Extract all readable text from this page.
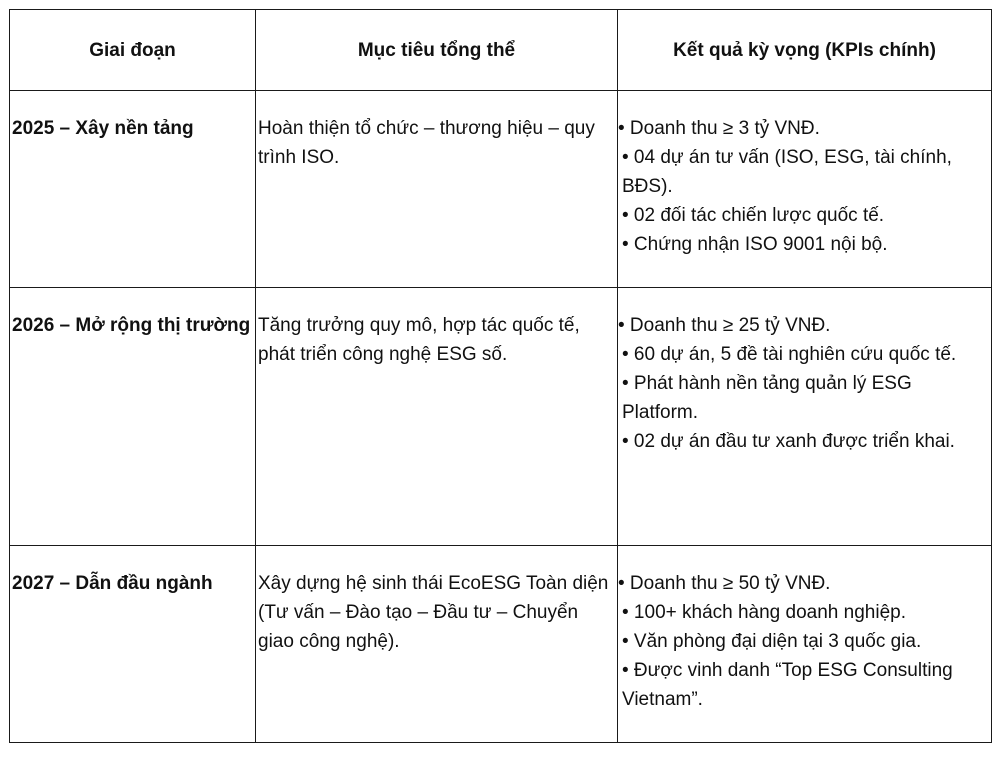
Giai đoạn	Mục tiêu tổng thể	Kết quả kỳ vọng (KPIs chính)

2025 – Xây nền tảng	Hoàn thiện tổ chức – thương hiệu – quy trình ISO.	• Doanh thu ≥ 3 tỷ VNĐ.
• 04 dự án tư vấn (ISO, ESG, tài chính, BĐS).
• 02 đối tác chiến lược quốc tế.
• Chứng nhận ISO 9001 nội bộ.

2026 – Mở rộng thị trường	Tăng trưởng quy mô, hợp tác quốc tế, phát triển công nghệ ESG số.	• Doanh thu ≥ 25 tỷ VNĐ.
• 60 dự án, 5 đề tài nghiên cứu quốc tế.
• Phát hành nền tảng quản lý ESG Platform.
• 02 dự án đầu tư xanh được triển khai.

2027 – Dẫn đầu ngành	Xây dựng hệ sinh thái EcoESG Toàn diện (Tư vấn – Đào tạo – Đầu tư – Chuyển giao công nghệ).	• Doanh thu ≥ 50 tỷ VNĐ.
• 100+ khách hàng doanh nghiệp.
• Văn phòng đại diện tại 3 quốc gia.
• Được vinh danh “Top ESG Consulting Vietnam”.
